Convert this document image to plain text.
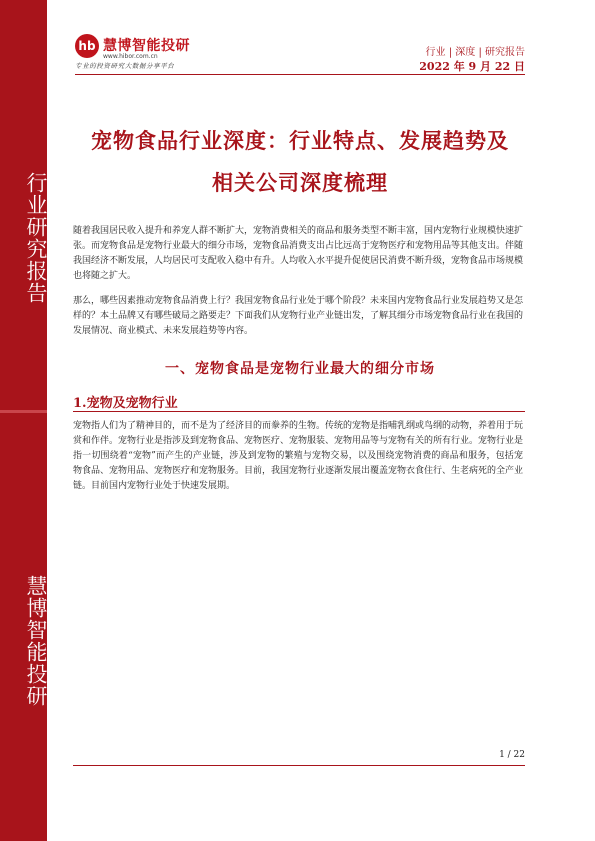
行业研究报告
慧博智能投研
hb 慧博智能投研
www.hibor.com.cn
专业的投资研究大数据分享平台
行业 | 深度 | 研究报告
2022 年 9 月 22 日
宠物食品行业深度：行业特点、发展趋势及
相关公司深度梳理

随着我国居民收入提升和养宠人群不断扩大，宠物消费相关的商品和服务类型不断丰富，国内宠物行业规模快速扩张。而宠物食品是宠物行业最大的细分市场，宠物食品消费支出占比远高于宠物医疗和宠物用品等其他支出。伴随我国经济不断发展，人均居民可支配收入稳中有升。人均收入水平提升促使居民消费不断升级，宠物食品市场规模也将随之扩大。

那么，哪些因素推动宠物食品消费上行？我国宠物食品行业处于哪个阶段？未来国内宠物食品行业发展趋势又是怎样的？本土品牌又有哪些破局之路要走？下面我们从宠物行业产业链出发，了解其细分市场宠物食品行业在我国的发展情况、商业模式、未来发展趋势等内容。

一、宠物食品是宠物行业最大的细分市场
1.宠物及宠物行业

宠物指人们为了精神目的，而不是为了经济目的而豢养的生物。传统的宠物是指哺乳纲或鸟纲的动物，养着用于玩赏和作伴。宠物行业是指涉及到宠物食品、宠物医疗、宠物服装、宠物用品等与宠物有关的所有行业。宠物行业是指一切围绕着“宠物”而产生的产业链，涉及到宠物的繁殖与宠物交易，以及围绕宠物消费的商品和服务，包括宠物食品、宠物用品、宠物医疗和宠物服务。目前，我国宠物行业逐渐发展出覆盖宠物衣食住行、生老病死的全产业链。目前国内宠物行业处于快速发展期。

1 / 22
